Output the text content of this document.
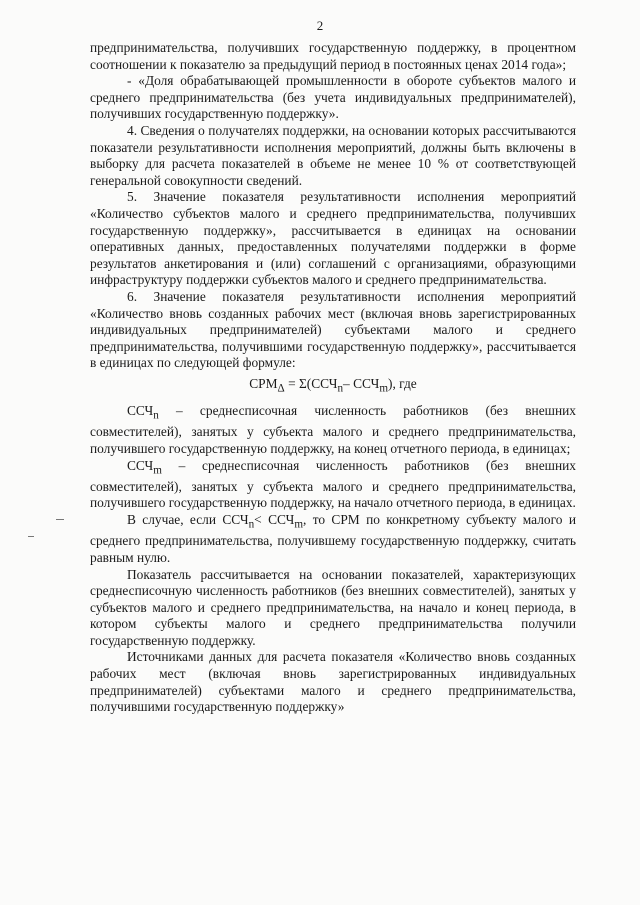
2

предпринимательства, получивших государственную поддержку, в процентном соотношении к показателю за предыдущий период в постоянных ценах 2014 года»;

- «Доля обрабатывающей промышленности в обороте субъектов малого и среднего предпринимательства (без учета индивидуальных предпринимателей), получивших государственную поддержку».

4. Сведения о получателях поддержки, на основании которых рассчитываются показатели результативности исполнения мероприятий, должны быть включены в выборку для расчета показателей в объеме не менее 10 % от соответствующей генеральной совокупности сведений.

5. Значение показателя результативности исполнения мероприятий «Количество субъектов малого и среднего предпринимательства, получивших государственную поддержку», рассчитывается в единицах на основании оперативных данных, предоставленных получателями поддержки в форме результатов анкетирования и (или) соглашений с организациями, образующими инфраструктуру поддержки субъектов малого и среднего предпринимательства.

6. Значение показателя результативности исполнения мероприятий «Количество вновь созданных рабочих мест (включая вновь зарегистрированных индивидуальных предпринимателей) субъектами малого и среднего предпринимательства, получившими государственную поддержку», рассчитывается в единицах по следующей формуле:

$СРМ_\Delta = \Sigma(ССЧ_n-$ $ССЧ_m$), где

$ССЧ_n$ – среднесписочная численность работников (без внешних совместителей), занятых у субъекта малого и среднего предпринимательства, получившего государственную поддержку, на конец отчетного периода, в единицах;

$ССЧ_m$ – среднесписочная численность работников (без внешних совместителей), занятых у субъекта малого и среднего предпринимательства, получившего государственную поддержку, на начало отчетного периода, в единицах.

В случае, если $ССЧ_n< ССЧ_m$, то СРМ по конкретному субъекту малого и среднего предпринимательства, получившему государственную поддержку, считать равным нулю.

Показатель рассчитывается на основании показателей, характеризующих среднесписочную численность работников (без внешних совместителей), занятых у субъектов малого и среднего предпринимательства, на начало и конец периода, в котором субъекты малого и среднего предпринимательства получили государственную поддержку.

Источниками данных для расчета показателя «Количество вновь созданных рабочих мест (включая вновь зарегистрированных индивидуальных предпринимателей) субъектами малого и среднего предпринимательства, получившими государственную поддержку»
